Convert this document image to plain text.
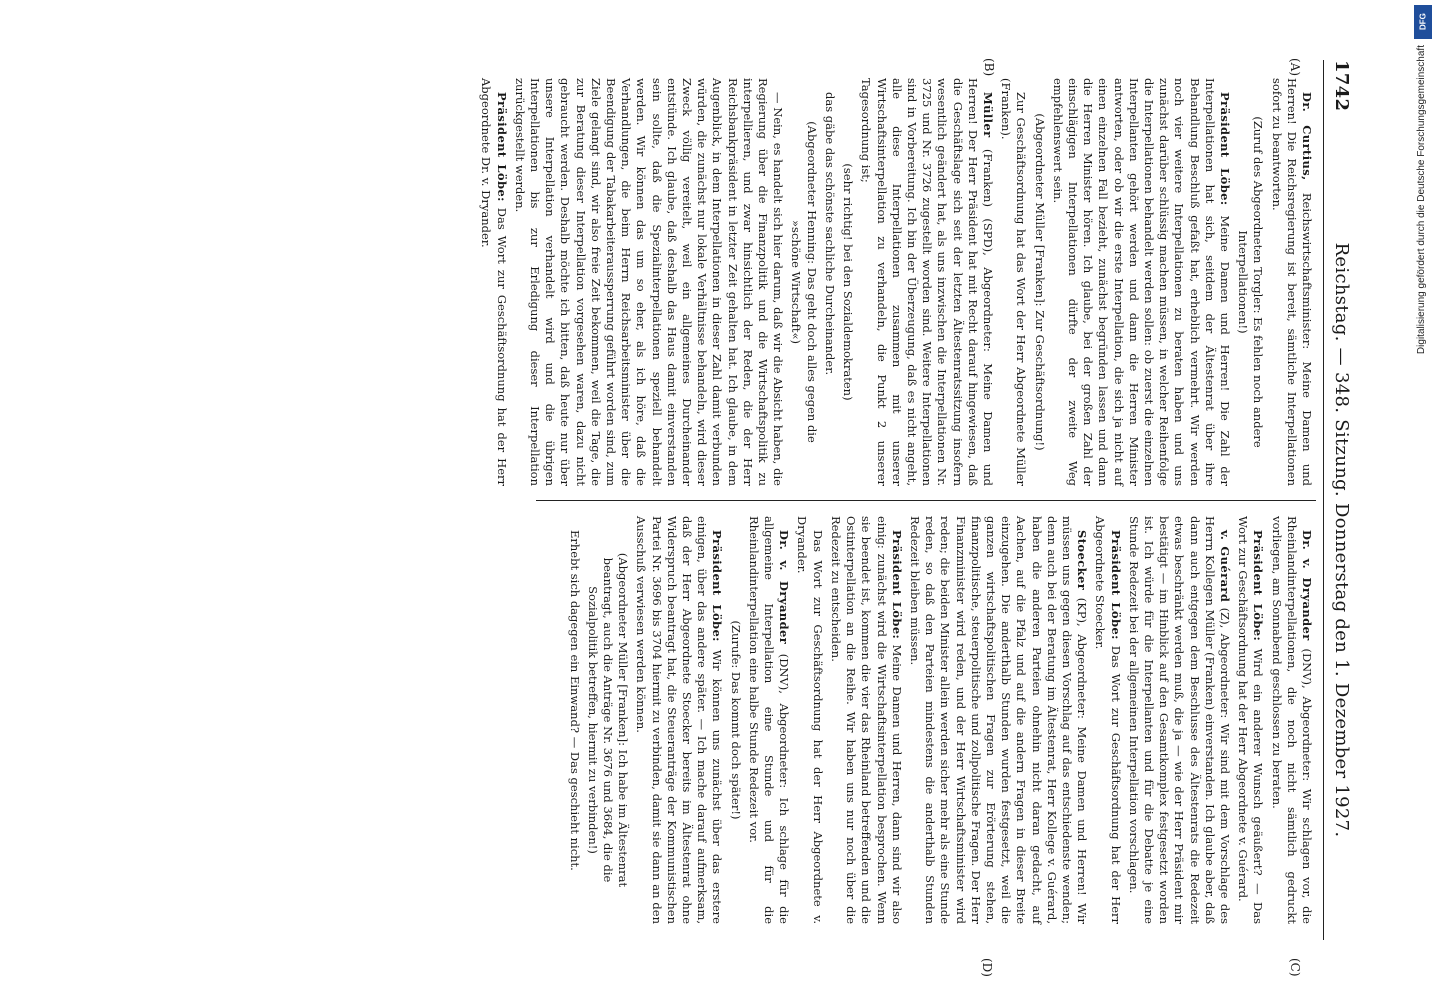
1742
Reichstag. — 348. Sitzung. Donnerstag den 1. Dezember 1927.
(A)
(B)
(C)
(D)

Dr. Curtius, Reichswirtschaftsminister: Meine Damen und Herren! Die Reichsregierung ist bereit, sämtliche Interpellationen sofort zu beantworten.

(Zuruf des Abgeordneten Torgler: Es fehlen noch andere Interpellationen!)

Präsident Löbe: Meine Damen und Herren! Die Zahl der Interpellationen hat sich, seitdem der Ältestenrat über ihre Behandlung Beschluß gefaßt hat, erheblich vermehrt. Wir werden noch vier weitere Interpellationen zu beraten haben und uns zunächst darüber schlüssig machen müssen, in welcher Reihenfolge die Interpellationen behandelt werden sollen: ob zuerst die einzelnen Interpellanten gehört werden und dann die Herren Minister antworten, oder ob wir die erste Interpellation, die sich ja nicht auf einen einzelnen Fall bezieht, zunächst begründen lassen und dann die Herren Minister hören. Ich glaube, bei der großen Zahl der einschlägigen Interpellationen dürfte der zweite Weg empfehlenswert sein.

(Abgeordneter Müller [Franken]: Zur Geschäftsordnung!)

Zur Geschäftsordnung hat das Wort der Herr Abgeordnete Müller (Franken).

Müller (Franken) (SPD), Abgeordneter: Meine Damen und Herren! Der Herr Präsident hat mit Recht darauf hingewiesen, daß die Geschäftslage sich seit der letzten Ältestenratssitzung insofern wesentlich geändert hat, als uns inzwischen die Interpellationen Nr. 3725 und Nr. 3726 zugestellt worden sind. Weitere Interpellationen sind in Vorbereitung. Ich bin der Überzeugung, daß es nicht angeht, alle diese Interpellationen zusammen mit unserer Wirtschaftsinterpellation zu verhandeln, die Punkt 2 unserer Tagesordnung ist;

(sehr richtig! bei den Sozialdemokraten)

das gäbe das schönste sachliche Durcheinander.

(Abgeordneter Henning: Das geht doch alles gegen die »schöne Wirtschaft«)

— Nein, es handelt sich hier darum, daß wir die Absicht haben, die Regierung über die Finanzpolitik und die Wirtschaftspolitik zu interpellieren, und zwar hinsichtlich der Reden, die der Herr Reichsbankpräsident in letzter Zeit gehalten hat. Ich glaube, in dem Augenblick, in dem Interpellationen in dieser Zahl damit verbunden würden, die zunächst nur lokale Verhältnisse behandeln, wird dieser Zweck völlig vereitelt, weil ein allgemeines Durcheinander entstünde. Ich glaube, daß deshalb das Haus damit einverstanden sein sollte, daß die Spezialinterpellationen speziell behandelt werden. Wir können das um so eher, als ich höre, daß die Verhandlungen, die beim Herrn Reichsarbeitsminister über die Beendigung der Tabakarbeiteraussperrung geführt worden sind, zum Ziele gelangt sind, wir also freie Zeit bekommen, weil die Tage, die zur Beratung dieser Interpellation vorgesehen waren, dazu nicht gebraucht werden. Deshalb möchte ich bitten, daß heute nur über unsere Interpellation verhandelt wird und die übrigen Interpellationen bis zur Erledigung dieser Interpellation zurückgestellt werden.

Präsident Löbe: Das Wort zur Geschäftsordnung hat der Herr Abgeordnete Dr. v. Dryander.

Dr. v. Dryander (DNV), Abgeordneter: Wir schlagen vor, die Rheinlandinterpellationen, die noch nicht sämtlich gedruckt vorliegen, am Sonnabend geschlossen zu beraten.

Präsident Löbe: Wird ein anderer Wunsch geäußert? — Das Wort zur Geschäftsordnung hat der Herr Abgeordnete v. Guérard.

v. Guérard (Z), Abgeordneter: Wir sind mit dem Vorschlage des Herrn Kollegen Müller (Franken) einverstanden. Ich glaube aber, daß dann auch entgegen dem Beschlusse des Ältestenrats die Redezeit etwas beschränkt werden muß, die ja — wie der Herr Präsident mir bestätigt — im Hinblick auf den Gesamtkomplex festgesetzt worden ist. Ich würde für die Interpellanten und für die Debatte je eine Stunde Redezeit bei der allgemeinen Interpellation vorschlagen.

Präsident Löbe: Das Wort zur Geschäftsordnung hat der Herr Abgeordnete Stoecker.

Stoecker (KP), Abgeordneter: Meine Damen und Herren! Wir müssen uns gegen diesen Vorschlag auf das entschiedenste wenden; denn auch bei der Beratung im Ältestenrat, Herr Kollege v. Guérard, haben die anderen Parteien ohnehin nicht daran gedacht, auf Aachen, auf die Pfalz und auf die andern Fragen in dieser Breite einzugehen. Die anderthalb Stunden wurden festgesetzt, weil die ganzen wirtschaftspolitischen Fragen zur Erörterung stehen, finanzpolitische, steuerpolitische und zollpolitische Fragen. Der Herr Finanzminister wird reden, und der Herr Wirtschaftsminister wird reden; die beiden Minister allein werden sicher mehr als eine Stunde reden, so daß den Parteien mindestens die anderthalb Stunden Redezeit bleiben müssen.

Präsident Löbe: Meine Damen und Herren, dann sind wir also einig: zunächst wird die Wirtschaftsinterpellation besprochen. Wenn sie beendet ist, kommen die vier das Rheinland betreffenden und die Ostinterpellation an die Reihe. Wir haben uns nur noch über die Redezeit zu entscheiden.

Das Wort zur Geschäftsordnung hat der Herr Abgeordnete v. Dryander.

Dr. v. Dryander (DNV), Abgeordneter: Ich schlage für die allgemeine Interpellation eine Stunde und für die Rheinlandinterpellation eine halbe Stunde Redezeit vor.

(Zurufe: Das kommt doch später!)

Präsident Löbe: Wir können uns zunächst über das erstere einigen, über das andere später. — Ich mache darauf aufmerksam, daß der Herr Abgeordnete Stoecker bereits im Ältestenrat ohne Widerspruch beantragt hat, die Steueranträge der Kommunistischen Partei Nr. 3696 bis 3704 hiermit zu verbinden, damit sie dann an den Ausschuß verwiesen werden können.

(Abgeordneter Müller [Franken]: Ich habe im Ältestenrat beantragt, auch die Anträge Nr. 3676 und 3684, die die Sozialpolitik betreffen, hiermit zu verbinden!)

Erhebt sich dagegen ein Einwand? — Das geschieht nicht.

DFG
Digitalisierung gefördert durch die Deutsche Forschungsgemeinschaft
